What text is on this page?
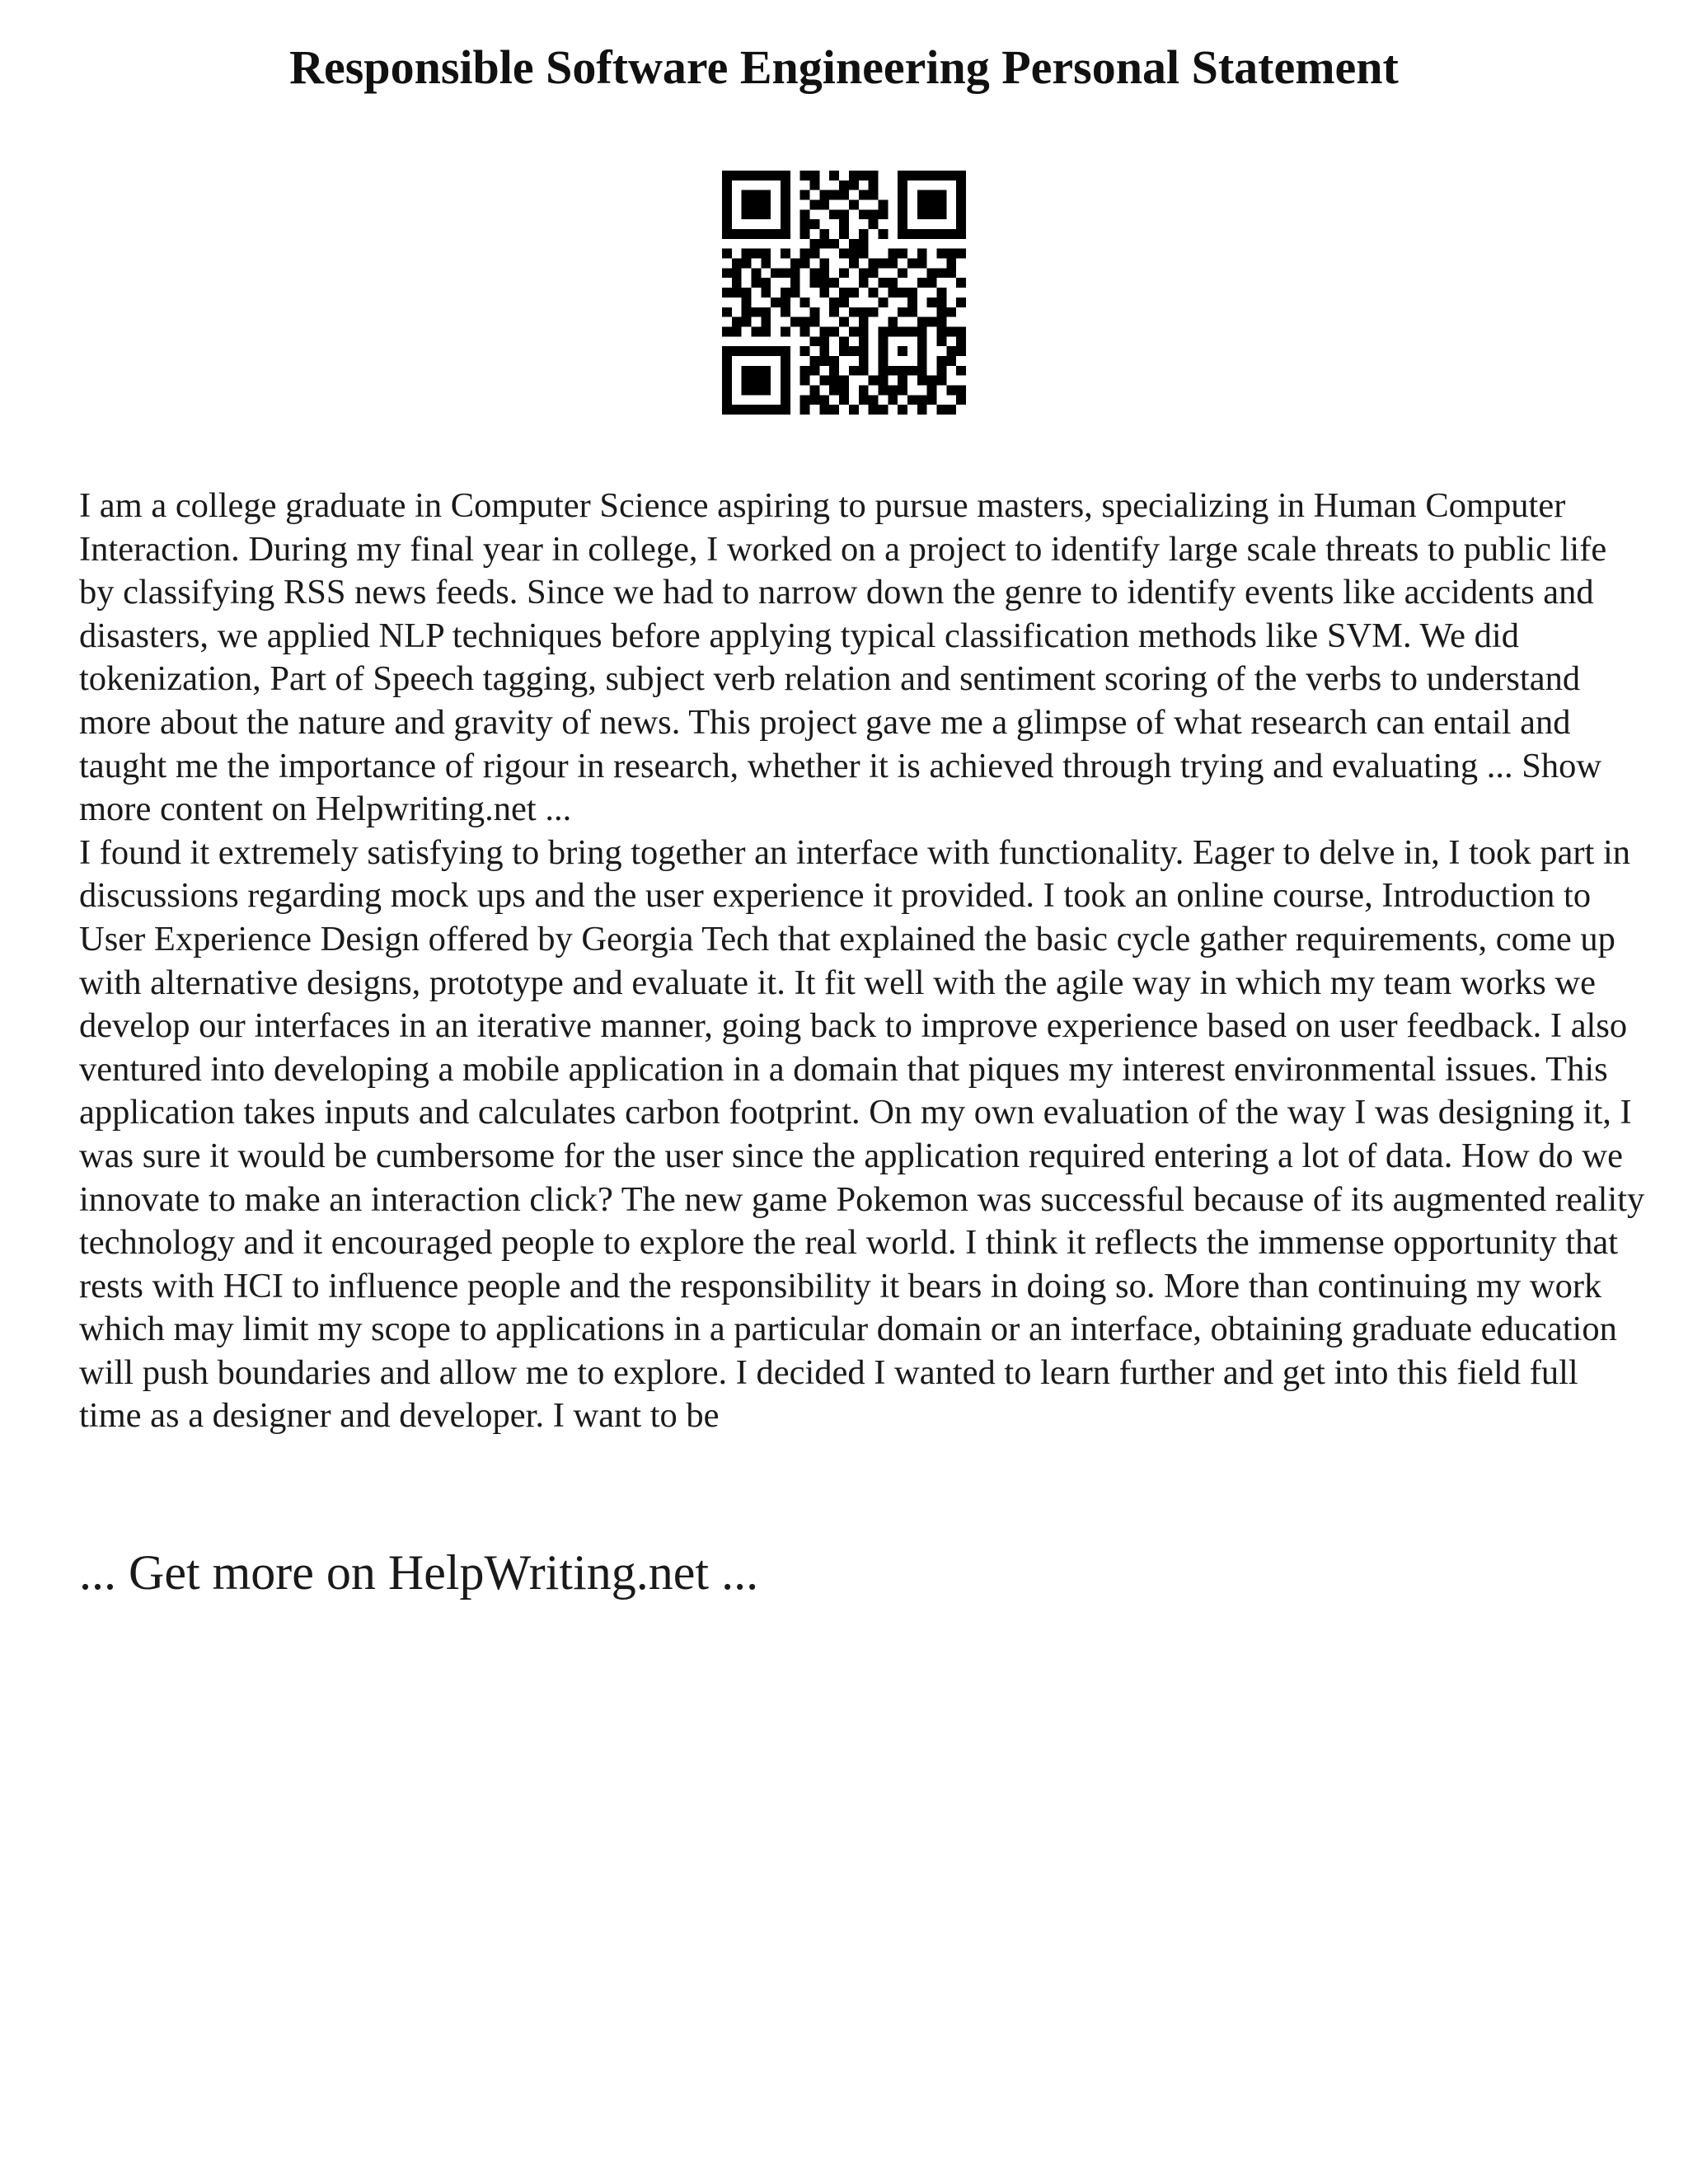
Responsible Software Engineering Personal Statement

I am a college graduate in Computer Science aspiring to pursue masters, specializing in Human Computer Interaction. During my final year in college, I worked on a project to identify large scale threats to public life by classifying RSS news feeds. Since we had to narrow down the genre to identify events like accidents and disasters, we applied NLP techniques before applying typical classification methods like SVM. We did tokenization, Part of Speech tagging, subject verb relation and sentiment scoring of the verbs to understand more about the nature and gravity of news. This project gave me a glimpse of what research can entail and taught me the importance of rigour in research, whether it is achieved through trying and evaluating ... Show more content on Helpwriting.net ...

I found it extremely satisfying to bring together an interface with functionality. Eager to delve in, I took part in discussions regarding mock ups and the user experience it provided. I took an online course, Introduction to User Experience Design offered by Georgia Tech that explained the basic cycle gather requirements, come up with alternative designs, prototype and evaluate it. It fit well with the agile way in which my team works we develop our interfaces in an iterative manner, going back to improve experience based on user feedback. I also ventured into developing a mobile application in a domain that piques my interest environmental issues. This application takes inputs and calculates carbon footprint. On my own evaluation of the way I was designing it, I was sure it would be cumbersome for the user since the application required entering a lot of data. How do we innovate to make an interaction click? The new game Pokemon was successful because of its augmented reality technology and it encouraged people to explore the real world. I think it reflects the immense opportunity that rests with HCI to influence people and the responsibility it bears in doing so. More than continuing my work which may limit my scope to applications in a particular domain or an interface, obtaining graduate education will push boundaries and allow me to explore. I decided I wanted to learn further and get into this field full time as a designer and developer. I want to be

... Get more on HelpWriting.net ...
